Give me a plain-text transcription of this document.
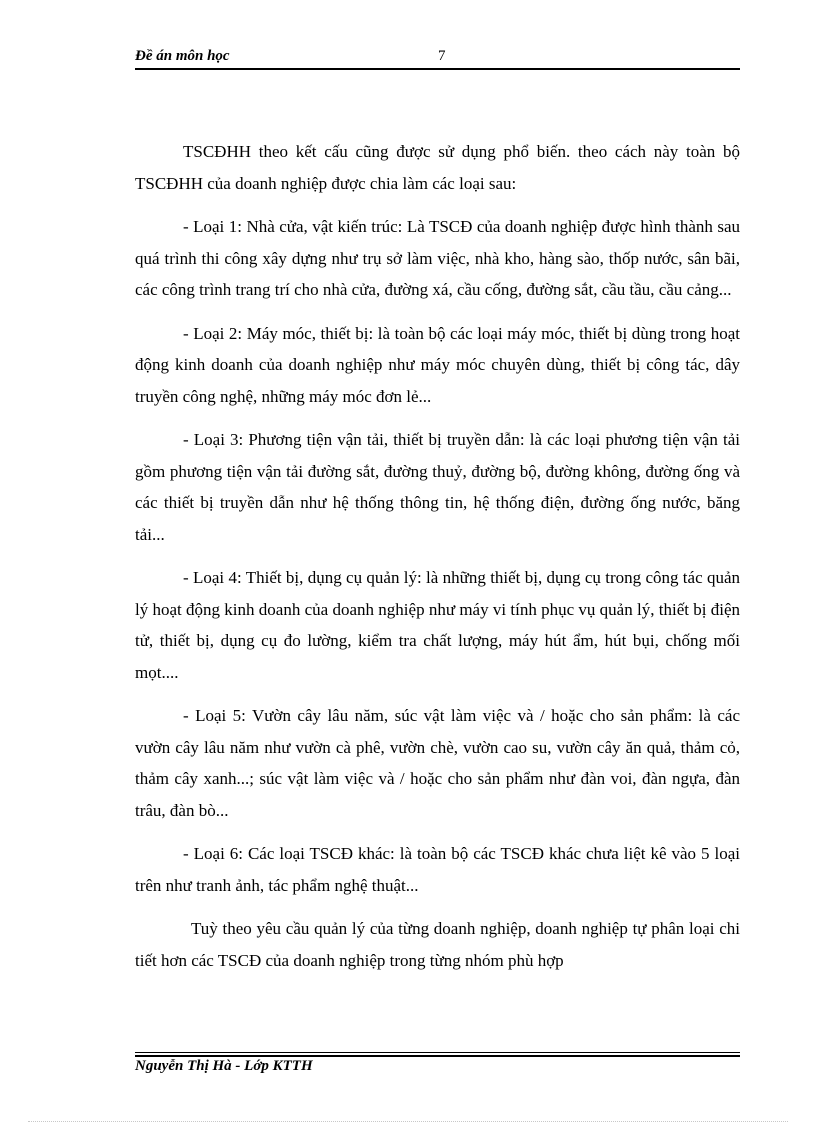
Đề án môn học	7

TSCĐHH theo kết cấu cũng được sử dụng phổ biến. theo cách này toàn bộ TSCĐHH của doanh nghiệp được chia làm các loại sau:

- Loại 1: Nhà cửa, vật kiến trúc: Là TSCĐ của doanh nghiệp được hình thành sau quá trình thi công xây dựng như trụ sở làm việc, nhà kho, hàng sào, thốp nước, sân bãi, các công trình trang trí cho nhà cửa, đường xá, cầu cống, đường sắt, cầu tầu, cầu cảng...

- Loại 2: Máy móc, thiết bị: là toàn bộ các loại máy móc, thiết bị dùng trong hoạt động kinh doanh của doanh nghiệp như máy móc chuyên dùng, thiết bị công tác, dây truyền công nghệ, những máy móc đơn lẻ...

- Loại 3: Phương tiện vận tải, thiết bị truyền dẫn: là các loại phương tiện vận tải gồm phương tiện vận tải đường sắt, đường thuỷ, đường bộ, đường không, đường ống và các thiết bị truyền dẫn như hệ thống thông tin, hệ thống điện, đường ống nước, băng tải...

- Loại 4: Thiết bị, dụng cụ quản lý: là những thiết bị, dụng cụ trong công tác quản lý hoạt động kinh doanh của doanh nghiệp như máy vi tính phục vụ quản lý, thiết bị điện tử, thiết bị, dụng cụ đo lường, kiểm tra chất lượng, máy hút ẩm, hút bụi, chống mối mọt....

- Loại 5: Vườn cây lâu năm, súc vật làm việc và / hoặc cho sản phẩm: là các vườn cây lâu năm như vườn cà phê, vườn chè, vườn cao su, vườn cây ăn quả, thảm cỏ, thảm cây xanh...; súc vật làm việc và / hoặc cho sản phẩm như đàn voi, đàn ngựa, đàn trâu, đàn bò...

- Loại 6: Các loại TSCĐ khác: là toàn bộ các TSCĐ khác chưa liệt kê vào 5 loại trên như tranh ảnh, tác phẩm nghệ thuật...

Tuỳ theo yêu cầu quản lý của từng doanh nghiệp, doanh nghiệp tự phân loại chi tiết hơn các TSCĐ của doanh nghiệp trong từng nhóm phù hợp

Nguyễn Thị Hà - Lớp KTTH
